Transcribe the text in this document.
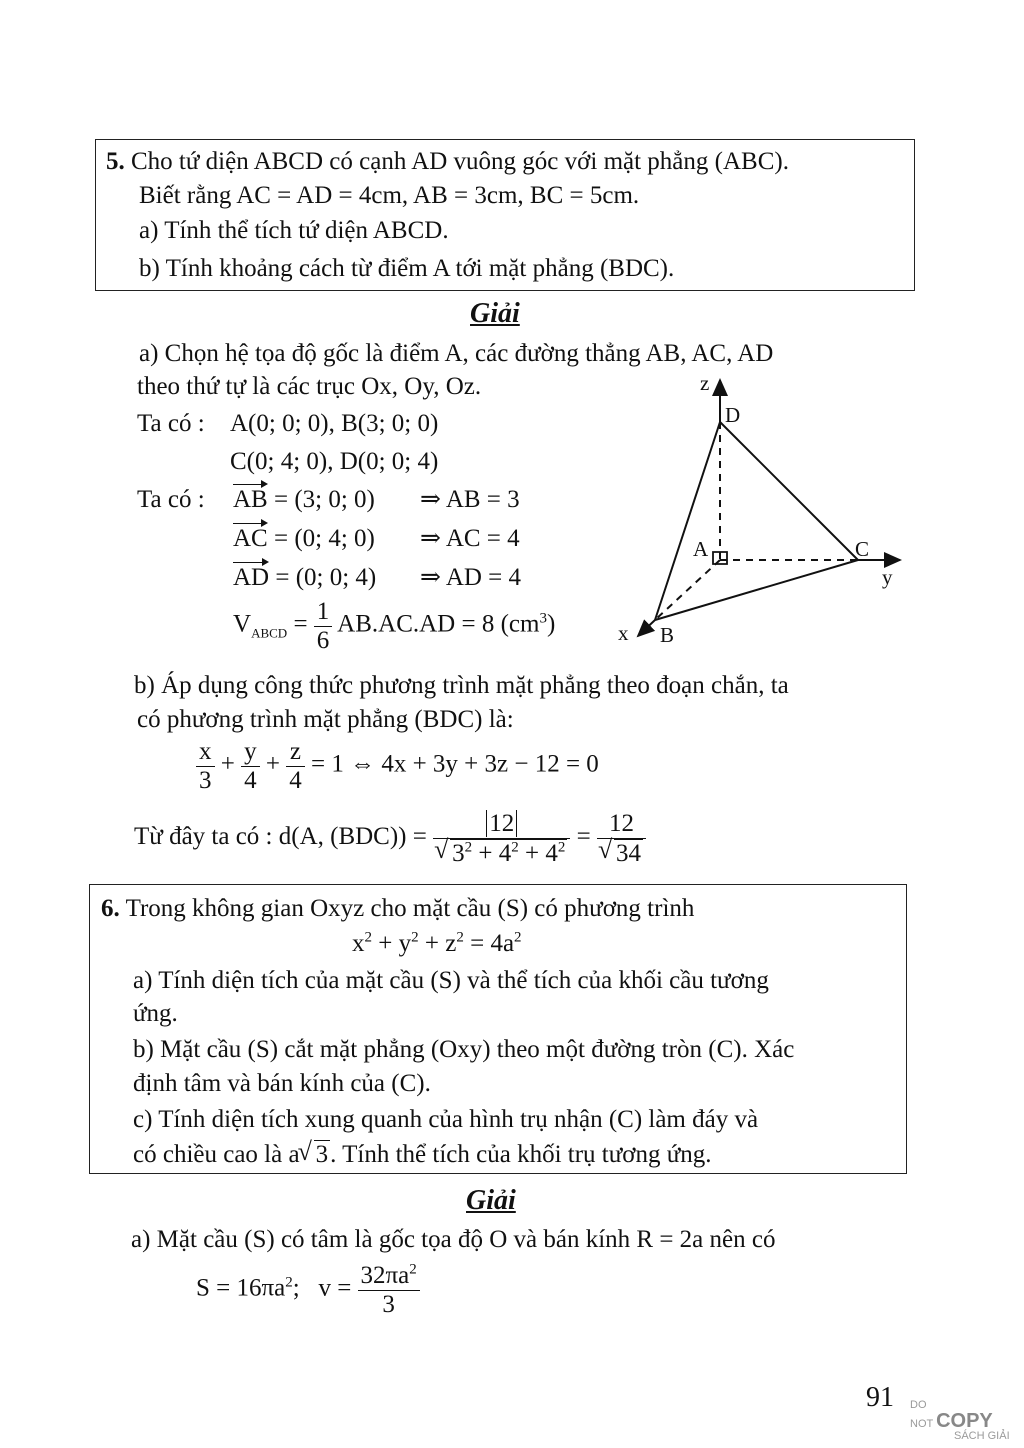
5. Cho tứ diện ABCD có cạnh AD vuông góc với mặt phẳng (ABC).
Biết rằng AC = AD = 4cm, AB = 3cm, BC = 5cm.
a) Tính thể tích tứ diện ABCD.
b) Tính khoảng cách từ điểm A tới mặt phẳng (BDC).
Giải
a) Chọn hệ tọa độ gốc là điểm A, các đường thẳng AB, AC, AD
theo thứ tự là các trục Ox, Oy, Oz.
Ta có : A(0; 0; 0), B(3; 0; 0)
C(0; 4; 0), D(0; 0; 4)
Ta có : AB = (3; 0; 0) ⇒ AB = 3
AC = (0; 4; 0) ⇒ AC = 4
AD = (0; 0; 4) ⇒ AD = 4
$V_{ABCD} = \frac{1}{6} AB.AC.AD = 8$ $(cm^3)$
z
D
A	C
y
x B
b) Áp dụng công thức phương trình mặt phẳng theo đoạn chắn, ta
có phương trình mặt phẳng (BDC) là:
$\frac{x}{3} + \frac{y}{4} + \frac{z}{4} = 1$ ⇔ 4x + 3y + 3z − 12 = 0
Từ đây ta có : d(A, (BDC)) = 12
√ $3^2 + 4^2 + 4^2 = 12$
√ 34
6. Trong không gian Oxyz cho mặt cầu (S) có phương trình
$x^2 + y^2 + z^2 = 4a^2$
a) Tính diện tích của mặt cầu (S) và thể tích của khối cầu tương
ứng.
b) Mặt cầu (S) cắt mặt phẳng (Oxy) theo một đường tròn (C). Xác
định tâm và bán kính của (C).
c) Tính diện tích xung quanh của hình trụ nhận (C) làm đáy và
có chiều cao là a√ 3. Tính thể tích của khối trụ tương ứng.
Giải
a) Mặt cầu (S) có tâm là gốc tọa độ O và bán kính R = 2a nên có
$S = 16\pi a^2$; $v = \frac{32\pi a^2}{3}$
91 DO
NOT COPY
SÁCH GIẢI
